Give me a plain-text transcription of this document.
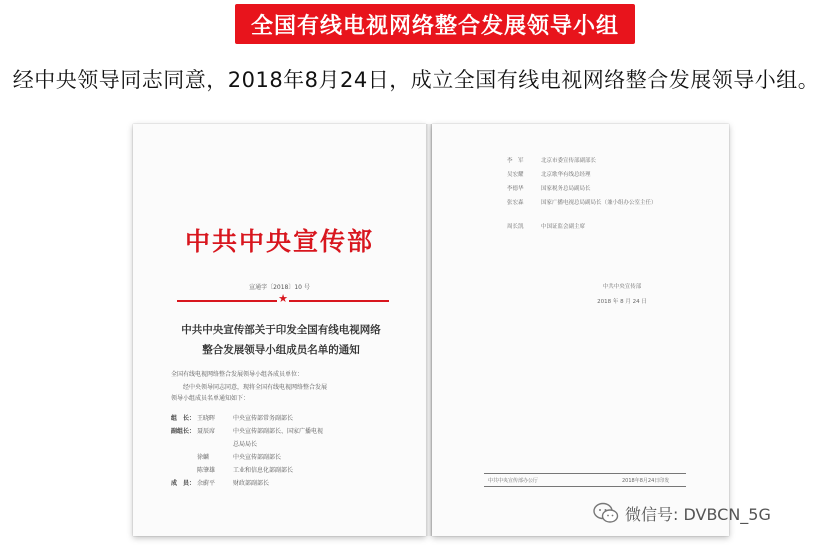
全国有线电视网络整合发展领导小组
经中央领导同志同意，2018年8月24日，成立全国有线电视网络整合发展领导小组。
中共中央宣传部
宣通字〔2018〕10 号
★
中共中央宣传部关于印发全国有线电视网络
整合发展领导小组成员名单的通知
全国有线电视网络整合发展领导小组各成员单位：
经中央领导同志同意，现将全国有线电视网络整合发展
领导小组成员名单通知如下：
组　长： 王晓晖	中央宣传部常务副部长
副组长： 聂辰席	中央宣传部副部长、国家广播电视
总局局长
徐麟	中央宣传部副部长
陈肇雄	工业和信息化部副部长
成　员： 余蔚平	财政部副部长
李　军	北京市委宣传部副部长
吴宏耀	北京歌华有线总经理
李德华	国家税务总局副局长
张宏森	国家广播电视总局副局长（兼小组办公室主任）
周长凯	中国证监会副主席
中共中央宣传部
2018 年 8 月 24 日
中共中央宣传部办公厅	2018年8月24日印发
微信号: DVBCN_5G
